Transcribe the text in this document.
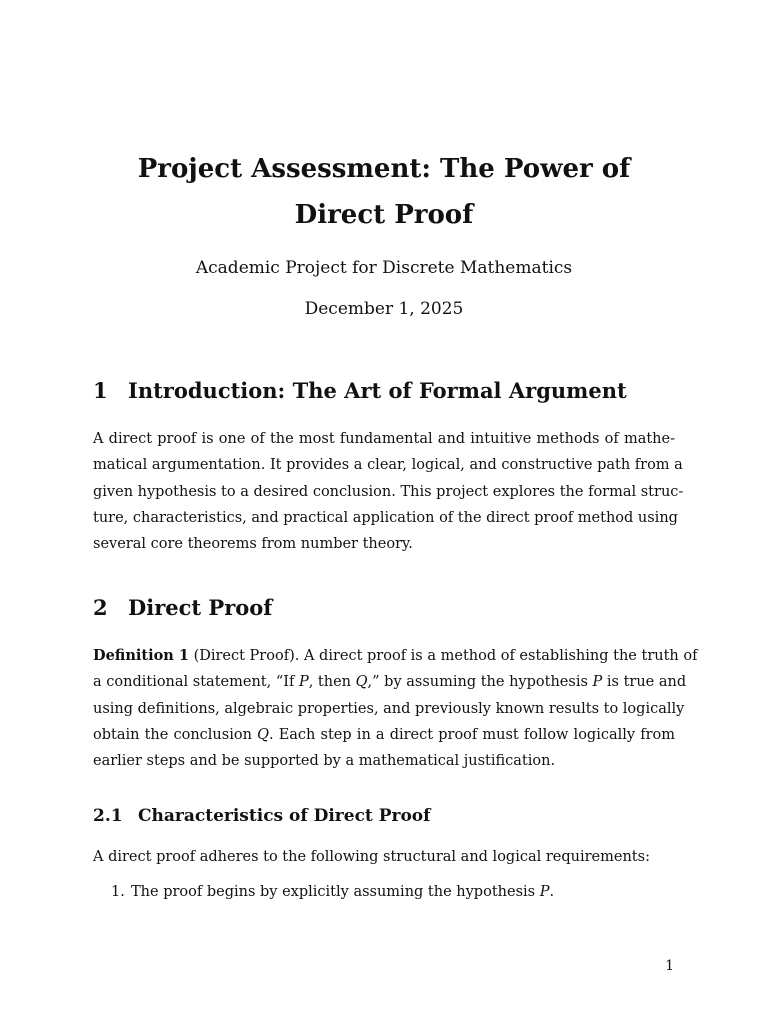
Project Assessment: The Power of Direct Proof
Academic Project for Discrete Mathematics
December 1, 2025
1 Introduction: The Art of Formal Argument
A direct proof is one of the most fundamental and intuitive methods of mathe-
matical argumentation. It provides a clear, logical, and constructive path from a
given hypothesis to a desired conclusion. This project explores the formal struc-
ture, characteristics, and practical application of the direct proof method using
several core theorems from number theory.
2 Direct Proof
Definition 1 (Direct Proof). A direct proof is a method of establishing the truth of
a conditional statement, “If P, then Q,” by assuming the hypothesis P is true and
using definitions, algebraic properties, and previously known results to logically
obtain the conclusion Q. Each step in a direct proof must follow logically from
earlier steps and be supported by a mathematical justification.
2.1 Characteristics of Direct Proof
A direct proof adheres to the following structural and logical requirements:
1. The proof begins by explicitly assuming the hypothesis P.
1
